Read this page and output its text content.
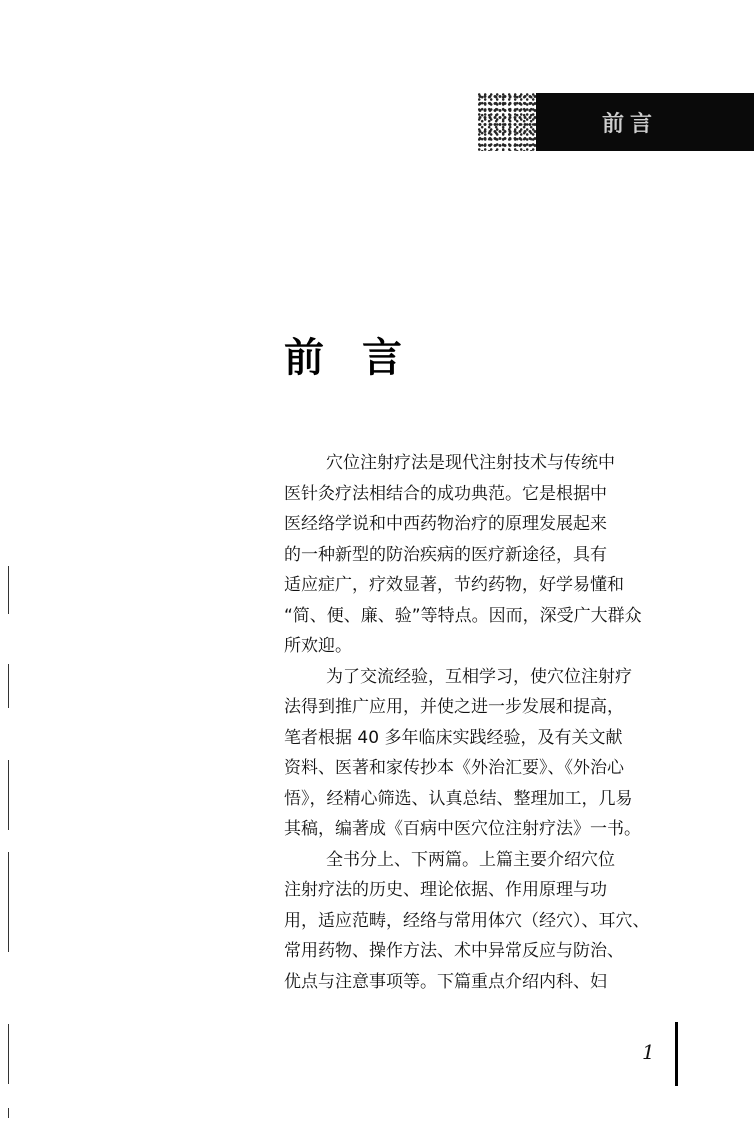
前言
前言
穴位注射疗法是现代注射技术与传统中
医针灸疗法相结合的成功典范。它是根据中
医经络学说和中西药物治疗的原理发展起来
的一种新型的防治疾病的医疗新途径，具有
适应症广，疗效显著，节约药物，好学易懂和
“简、便、廉、验”等特点。因而，深受广大群众
所欢迎。
为了交流经验，互相学习，使穴位注射疗
法得到推广应用，并使之进一步发展和提高，
笔者根据 40 多年临床实践经验，及有关文献
资料、医著和家传抄本《外治汇要》、《外治心
悟》，经精心筛选、认真总结、整理加工，几易
其稿，编著成《百病中医穴位注射疗法》一书。
全书分上、下两篇。上篇主要介绍穴位
注射疗法的历史、理论依据、作用原理与功
用，适应范畴，经络与常用体穴（经穴）、耳穴、
常用药物、操作方法、术中异常反应与防治、
优点与注意事项等。下篇重点介绍内科、妇
1
